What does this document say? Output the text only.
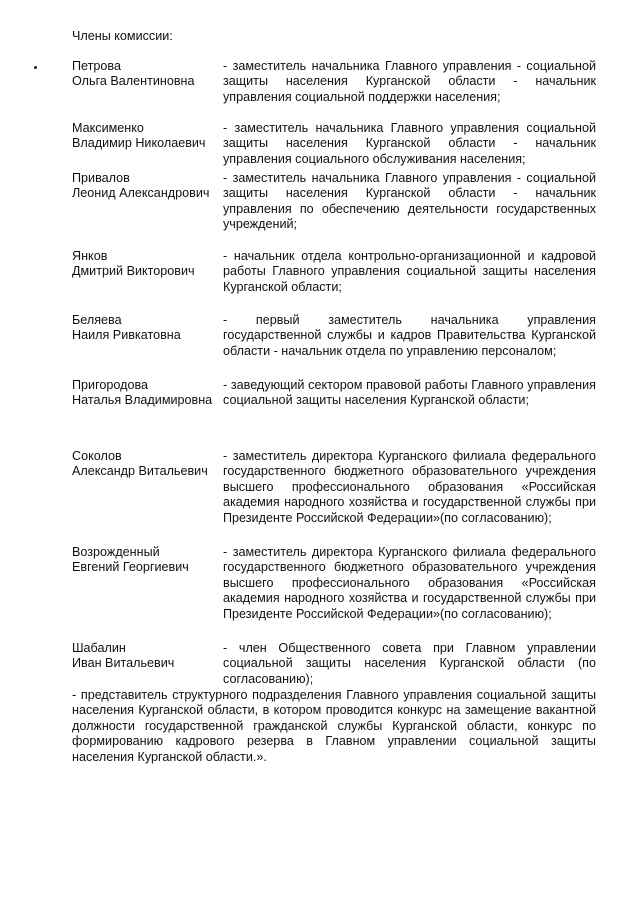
Члены комиссии:
Петрова
Ольга Валентиновна
- заместитель начальника Главного управления - социальной защиты населения Курганской области - начальник управления социальной поддержки населения;
Максименко
Владимир Николаевич
- заместитель начальника Главного управления социальной защиты населения Курганской области - начальник управления социального обслуживания населения;
Привалов
Леонид Александрович
- заместитель начальника Главного управления - социальной защиты населения Курганской области - начальник управления по обеспечению деятельности государственных учреждений;
Янков
Дмитрий Викторович
- начальник отдела контрольно-организационной и кадровой работы Главного управления социальной защиты населения Курганской области;
Беляева
Наиля Ривкатовна
- первый заместитель начальника управления государственной службы и кадров Правительства Курганской области - начальник отдела по управлению персоналом;
Пригородова
Наталья Владимировна
- заведующий сектором правовой работы Главного управления социальной защиты населения Курганской области;
Соколов
Александр Витальевич
- заместитель директора Курганского филиала федерального государственного бюджетного образовательного учреждения высшего профессионального образования «Российская академия народного хозяйства и государственной службы при Президенте Российской Федерации»(по согласованию);
Возрожденный
Евгений Георгиевич
- заместитель директора Курганского филиала федерального государственного бюджетного образовательного учреждения высшего профессионального образования «Российская академия народного хозяйства и государственной службы при Президенте Российской Федерации»(по согласованию);
Шабалин
Иван Витальевич
- член Общественного совета при Главном управлении социальной защиты населения Курганской области (по согласованию);
- представитель структурного подразделения Главного управления социальной защиты населения Курганской области, в котором проводится конкурс на замещение вакантной должности государственной гражданской службы Курганской области, конкурс по формированию кадрового резерва в Главном управлении социальной защиты населения Курганской области.».
